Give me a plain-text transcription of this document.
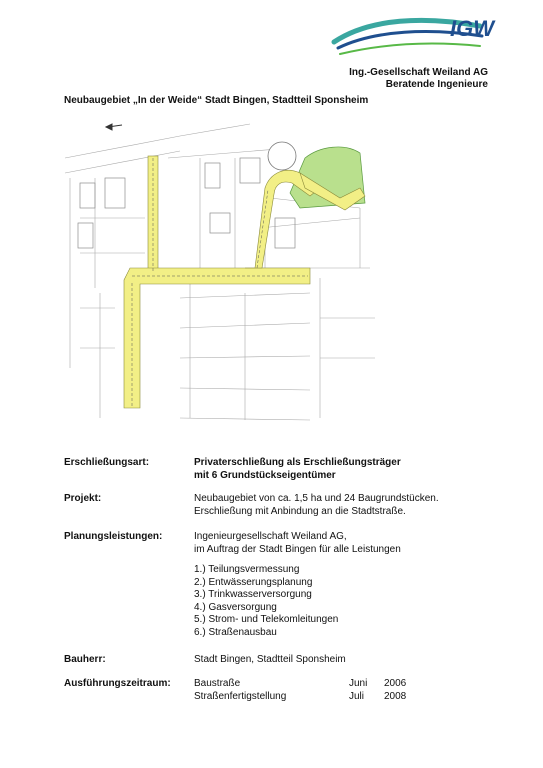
IGW
Ing.-Gesellschaft Weiland AG
Beratende Ingenieure
Neubaugebiet „In der Weide“ Stadt Bingen, Stadtteil Sponsheim
Erschließungsart:	Privaterschließung als Erschließungsträger
mit 6 Grundstückseigentümer
Projekt:	Neubaugebiet von ca. 1,5 ha und 24 Baugrundstücken.
Erschließung mit Anbindung an die Stadtstraße.
Planungsleistungen:	Ingenieurgesellschaft Weiland AG,
im Auftrag der Stadt Bingen für alle Leistungen
1.) Teilungsvermessung
2.) Entwässerungsplanung
3.) Trinkwasserversorgung
4.) Gasversorgung
5.) Strom- und Telekomleitungen
6.) Straßenausbau
Bauherr:	Stadt Bingen, Stadtteil Sponsheim
Ausführungszeitraum:	Baustraße	Juni 2006
Straßenfertigstellung	Juli 2008
